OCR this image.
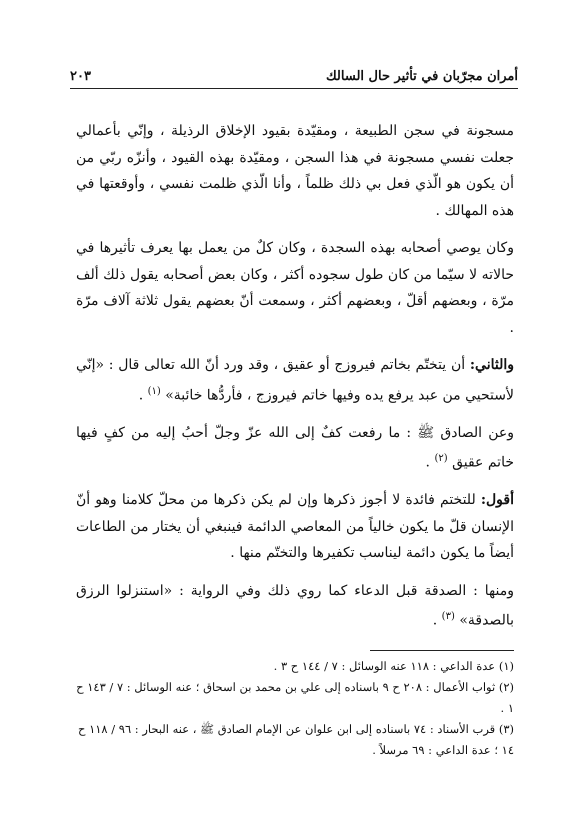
أمران مجرّبان في تأثير حال السالك
٢٠٣

مسجونة في سجن الطبيعة ، ومقيّدة بقيود الإخلاق الرذيلة ، وإنّي بأعمالي جعلت نفسي مسجونة في هذا السجن ، ومقيّدة بهذه القيود ، وأنزّه ربّي من أن يكون هو الّذي فعل بي ذلك ظلماً ، وأنا الّذي ظلمت نفسي ، وأوقعتها في هذه المهالك .

وكان يوصي أصحابه بهذه السجدة ، وكان كلٌ من يعمل بها يعرف تأثيرها في حالاته لا سيّما من كان طول سجوده أكثر ، وكان بعض أصحابه يقول ذلك ألف مرّة ، وبعضهم أقلّ ، وبعضهم أكثر ، وسمعت أنّ بعضهم يقول ثلاثة آلاف مرّة .

والثاني: أن يتختّم بخاتم فيروزج أو عقيق ، وقد ورد أنّ الله تعالى قال : «إنّي لأستحيي من عبد يرفع يده وفيها خاتم فيروزج ، فأردُّها خائبة» $^{(١)}$ .

وعن الصادق ﷺ : ما رفعت كفٌ إلى الله عزّ وجلّ أحبُ إليه من كفٍ فيها خاتم عقيق $^{(٢)}$ .

أقول: للتختم فائدة لا أجوز ذكرها وإن لم يكن ذكرها من محلّ كلامنا وهو أنّ الإنسان قلّ ما يكون خالياً من المعاصي الدائمة فينبغي أن يختار من الطاعات أيضاً ما يكون دائمة ليناسب تكفيرها والتختّم منها .

ومنها : الصدقة قبل الدعاء كما روي ذلك وفي الرواية : «استنزلوا الرزق بالصدقة» $^{(٣)}$ .

(١) عدة الداعي : ١١٨ عنه الوسائل : ٧ / ١٤٤ ح ٣ .

(٢) ثواب الأعمال : ٢٠٨ ح ٩ باسناده إلى علي بن محمد بن اسحاق ؛ عنه الوسائل : ٧ / ١٤٣ ح ١ .

(٣) قرب الأسناد : ٧٤ باسناده إلى ابن علوان عن الإمام الصادق ﷺ ، عنه البحار : ٩٦ / ١١٨ ح ١٤ ؛ عدة الداعي : ٦٩ مرسلاً .
